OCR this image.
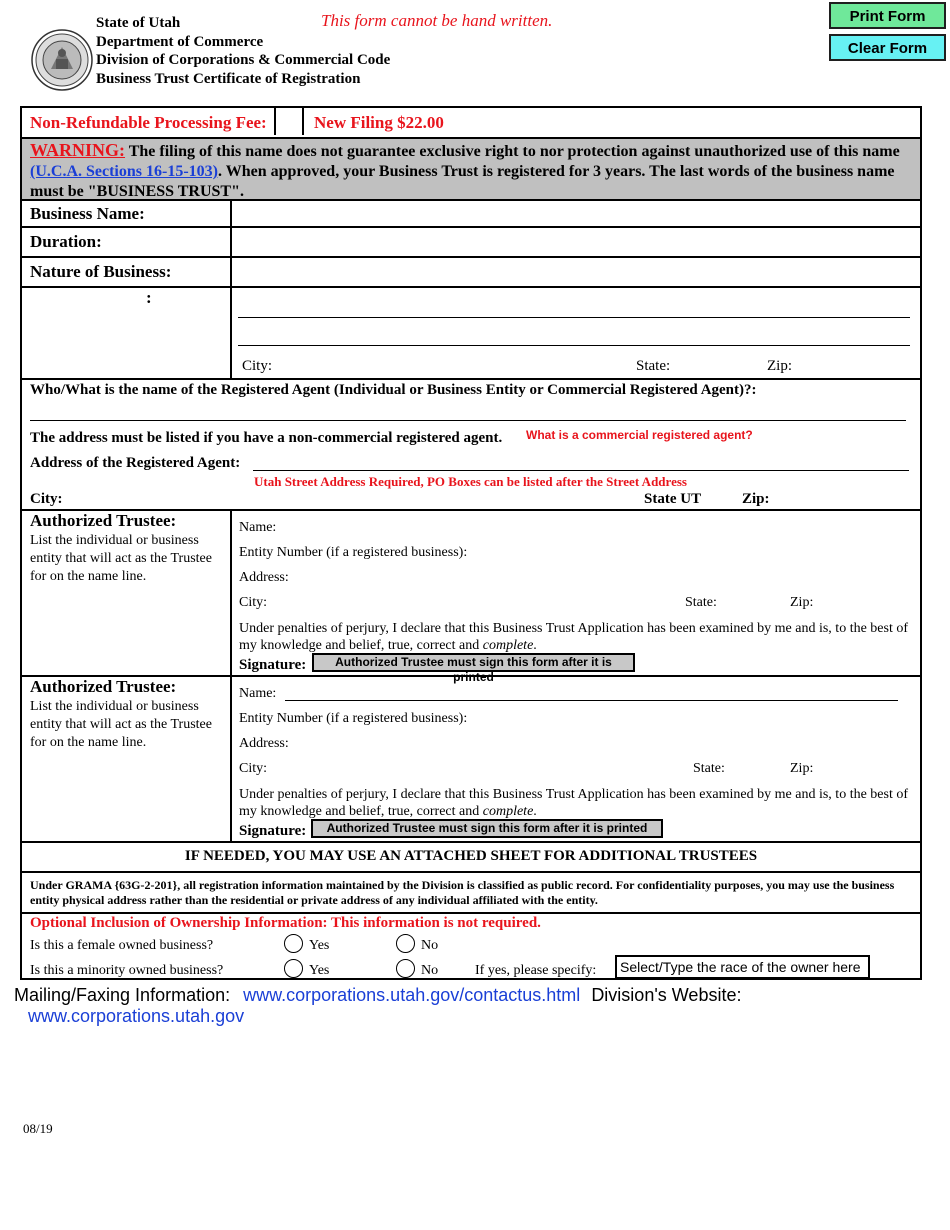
State of Utah
Department of Commerce
Division of Corporations & Commercial Code
Business Trust Certificate of Registration
This form cannot be hand written.	Print Form
Clear Form
Non-Refundable Processing Fee:	New Filing $22.00
WARNING: The filing of this name does not guarantee exclusive right to nor protection against unauthorized use of this name (U.C.A. Sections 16-15-103). When approved, your Business Trust is registered for 3 years. The last words of the business name must be "BUSINESS TRUST".
Business Name:
Duration:
Nature of Business:
:
City:	State:	Zip:
Who/What is the name of the Registered Agent (Individual or Business Entity or Commercial Registered Agent)?:
The address must be listed if you have a non-commercial registered agent. What is a commercial registered agent?
Address of the Registered Agent:
Utah Street Address Required, PO Boxes can be listed after the Street Address
City:	State UT	Zip:
Authorized Trustee:
List the individual or business entity that will act as the Trustee for on the name line.
Name:
Entity Number (if a registered business):
Address:
City:	State:	Zip:
Under penalties of perjury, I declare that this Business Trust Application has been examined by me and is, to the best of my knowledge and belief, true, correct and complete.
Signature:	Authorized Trustee must sign this form after it is printed
Authorized Trustee:
List the individual or business entity that will act as the Trustee for on the name line.
Name:
Entity Number (if a registered business):
Address:
City:	State:	Zip:
Under penalties of perjury, I declare that this Business Trust Application has been examined by me and is, to the best of my knowledge and belief, true, correct and complete.
Signature:	Authorized Trustee must sign this form after it is printed
IF NEEDED, YOU MAY USE AN ATTACHED SHEET FOR ADDITIONAL TRUSTEES
Under GRAMA {63G-2-201}, all registration information maintained by the Division is classified as public record. For confidentiality purposes, you may use the business entity physical address rather than the residential or private address of any individual affiliated with the entity.
Optional Inclusion of Ownership Information: This information is not required.
Is this a female owned business?	Yes	No
Is this a minority owned business?	Yes	No	If yes, please specify:	Select/Type the race of the owner here
Mailing/Faxing Information: www.corporations.utah.gov/contactus.html Division's Website: www.corporations.utah.gov
08/19
